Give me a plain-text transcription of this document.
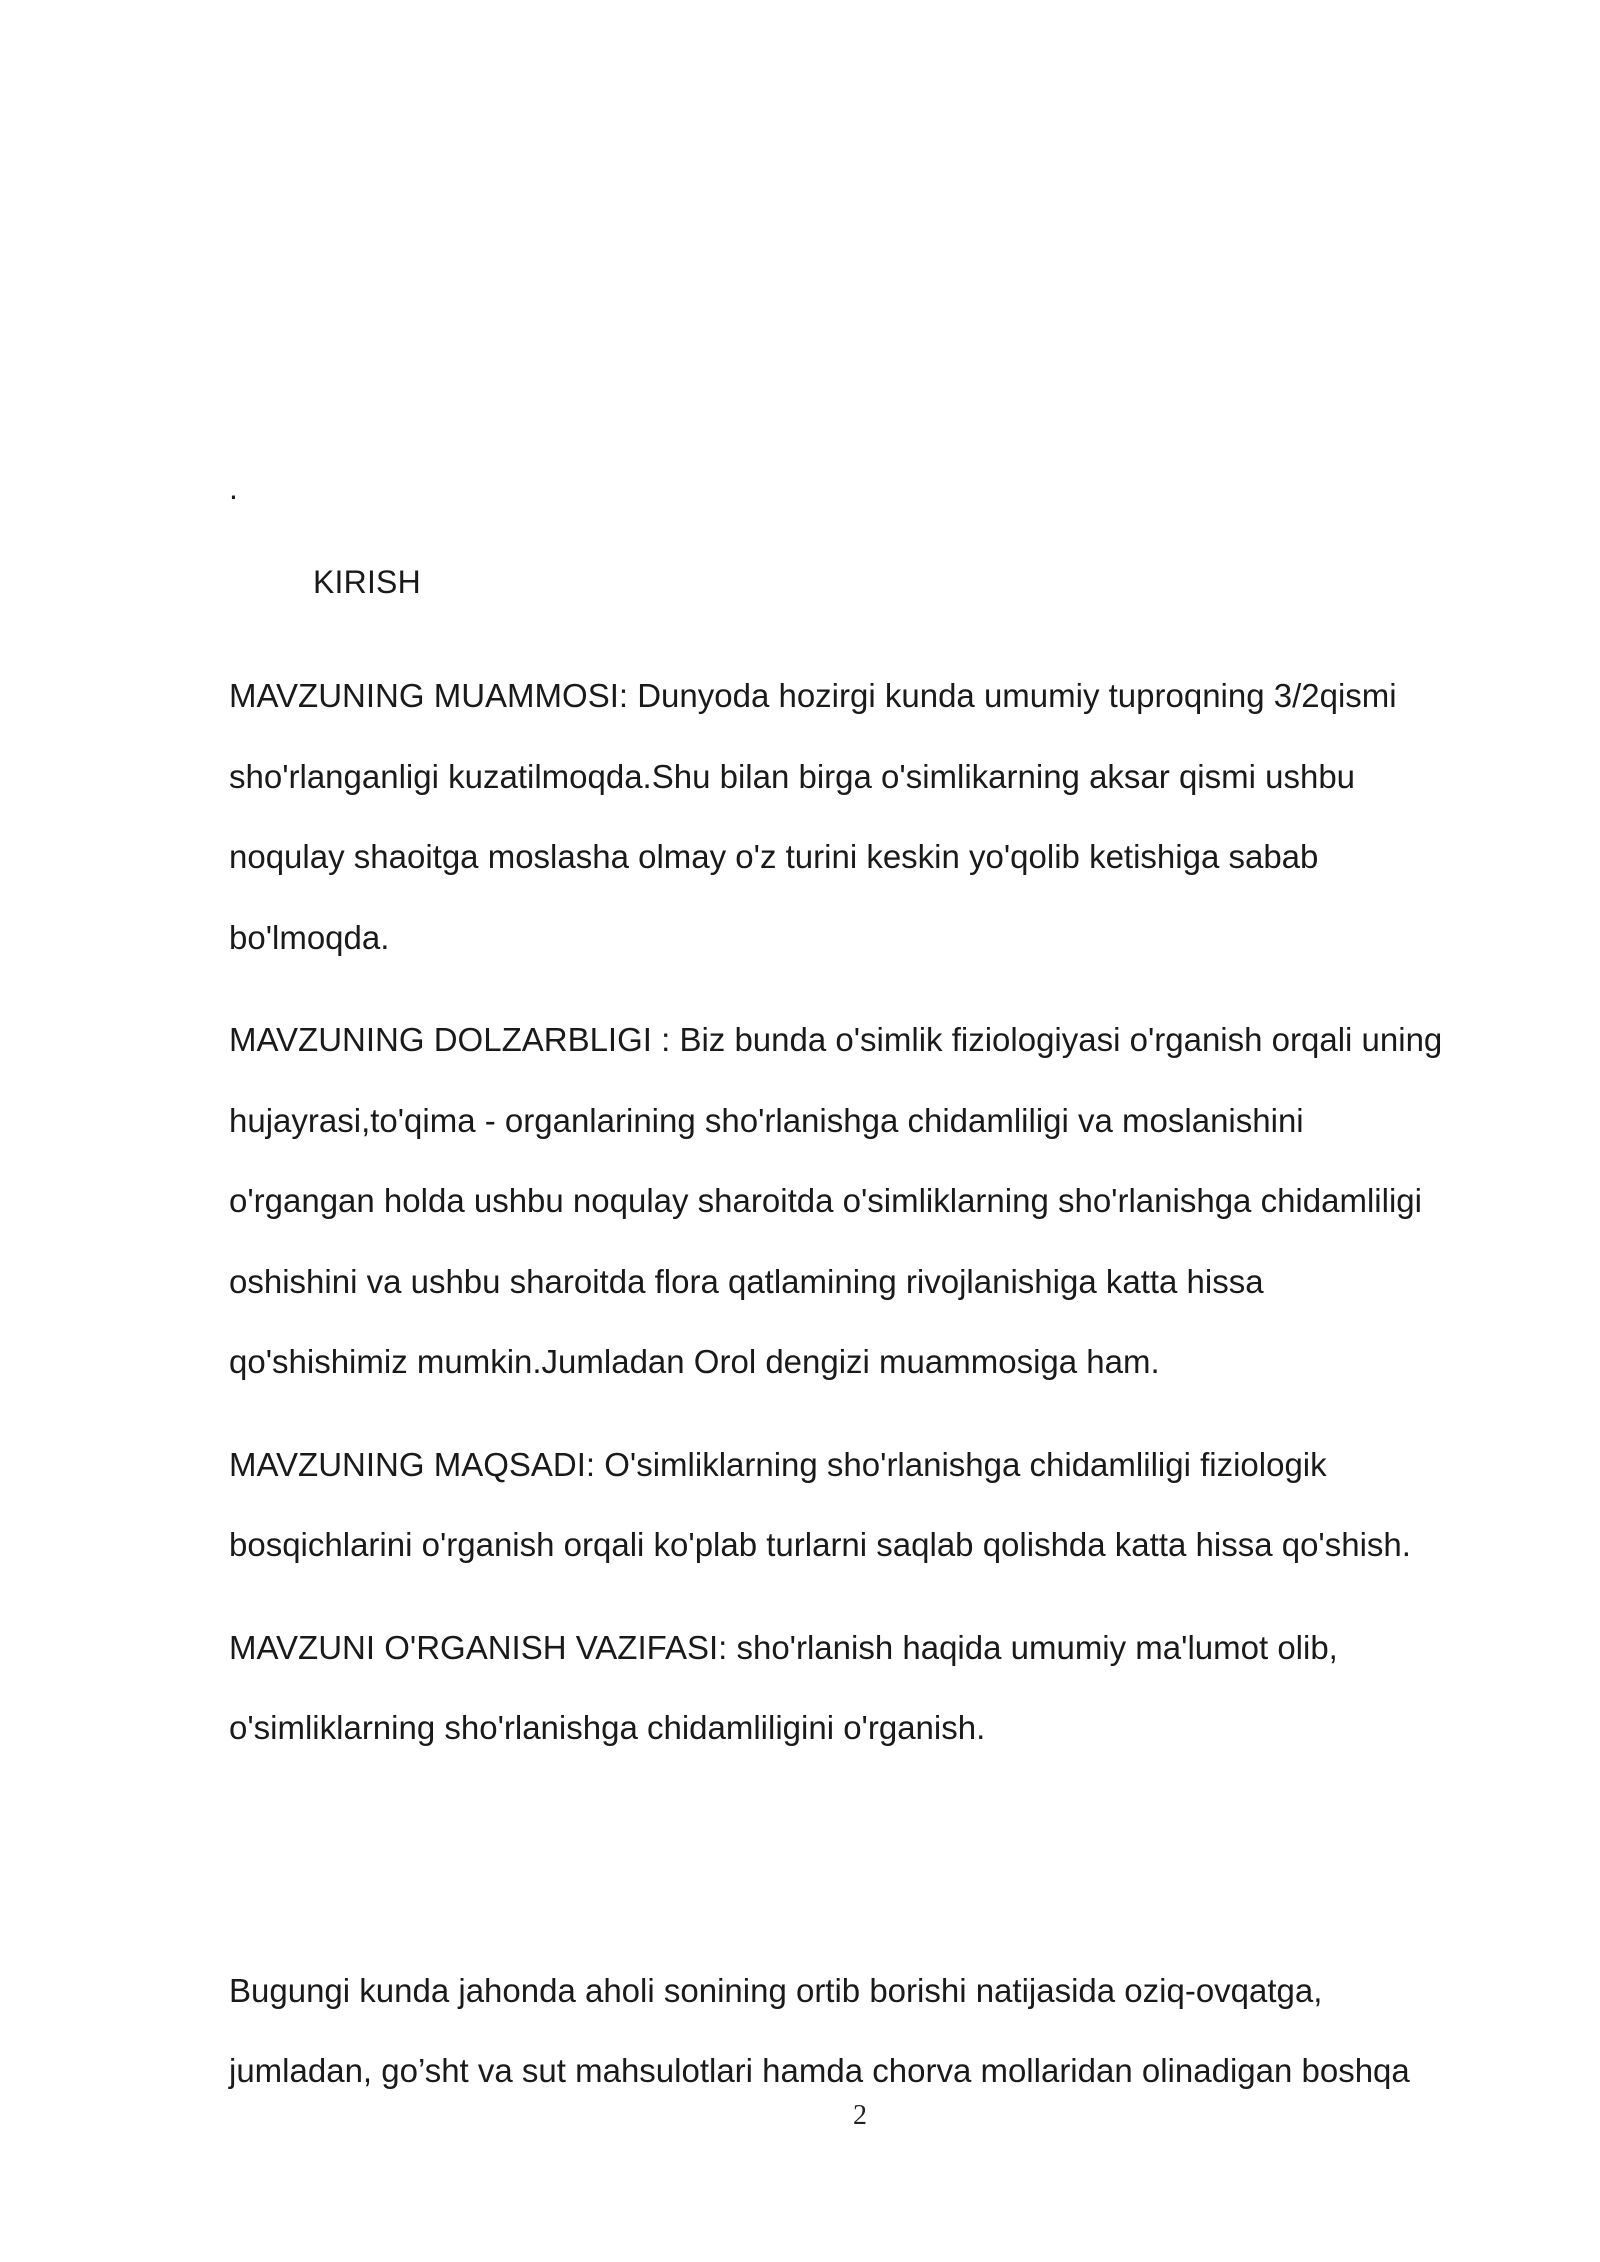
.
KIRISH
MAVZUNING MUAMMOSI: Dunyoda hozirgi kunda umumiy tuproqning 3/2qismi
sho'rlanganligi kuzatilmoqda.Shu bilan birga o'simlikarning aksar qismi ushbu
noqulay shaoitga moslasha olmay o'z turini keskin yo'qolib ketishiga sabab
bo'lmoqda.
MAVZUNING DOLZARBLIGI : Biz bunda o'simlik fiziologiyasi o'rganish orqali uning
hujayrasi,to'qima - organlarining sho'rlanishga chidamliligi va moslanishini
o'rgangan holda ushbu noqulay sharoitda o'simliklarning sho'rlanishga chidamliligi
oshishini va ushbu sharoitda flora qatlamining rivojlanishiga katta hissa
qo'shishimiz mumkin.Jumladan Orol dengizi muammosiga ham.
MAVZUNING MAQSADI: O'simliklarning sho'rlanishga chidamliligi fiziologik
bosqichlarini o'rganish orqali ko'plab turlarni saqlab qolishda katta hissa qo'shish.
MAVZUNI O'RGANISH VAZIFASI: sho'rlanish haqida umumiy ma'lumot olib,
o'simliklarning sho'rlanishga chidamliligini o'rganish.
Bugungi kunda jahonda aholi sonining ortib borishi natijasida oziq-ovqatga,
jumladan, go’sht va sut mahsulotlari hamda chorva mollaridan olinadigan boshqa
2
